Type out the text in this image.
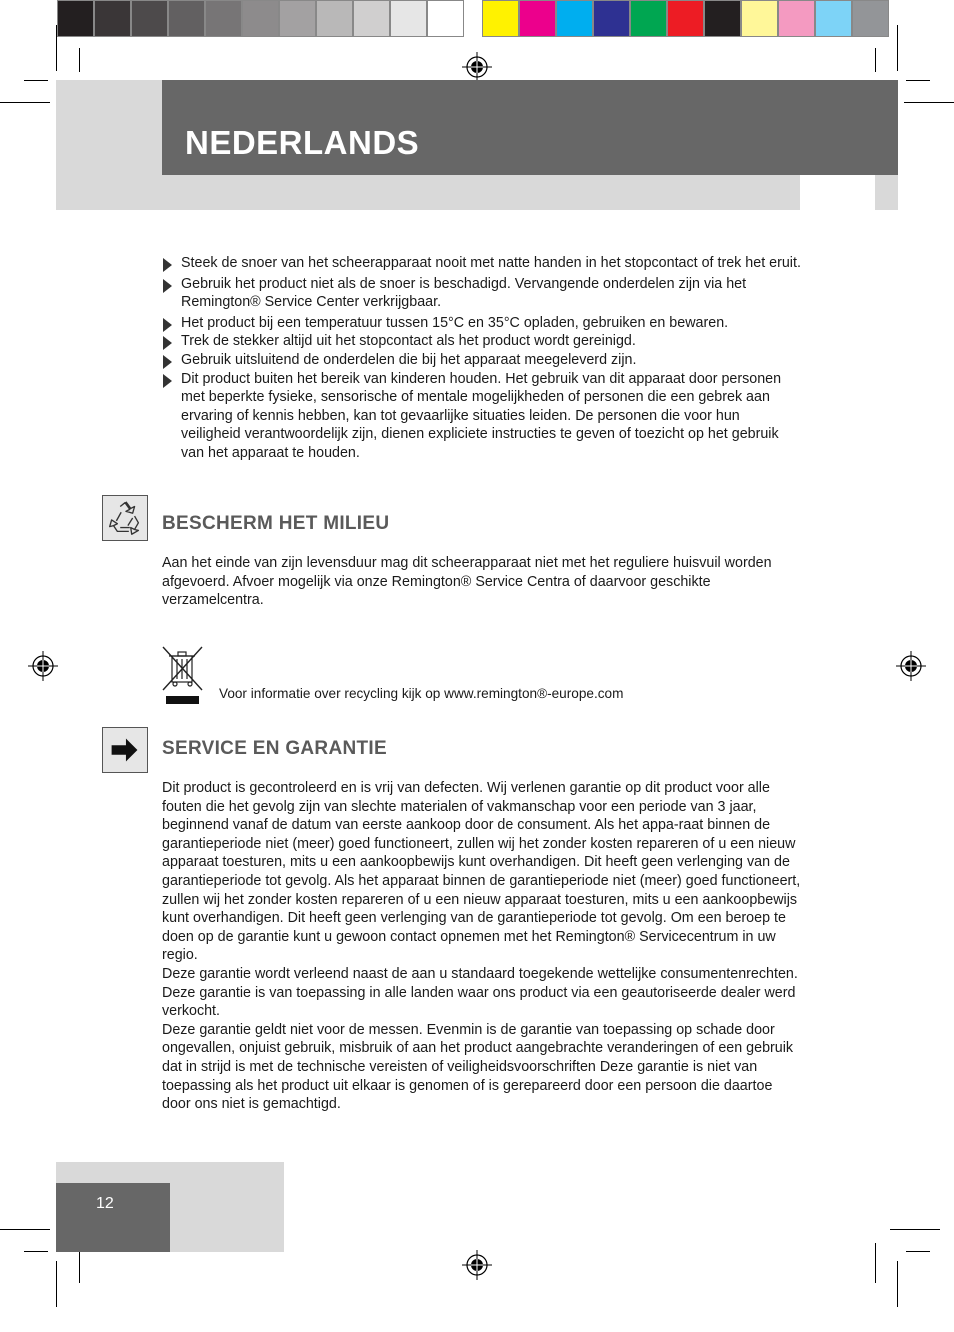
NEDERLANDS
Steek de snoer van het scheerapparaat nooit met natte handen in het stopcontact of trek het eruit.
Gebruik het product niet als de snoer is beschadigd. Vervangende onderdelen zijn via het Remington® Service Center verkrijgbaar.
Het product bij een temperatuur tussen 15°C en 35°C opladen, gebruiken en bewaren.
Trek de stekker altijd uit het stopcontact als het product wordt gereinigd.
Gebruik uitsluitend de onderdelen die bij het apparaat meegeleverd zijn.
Dit product buiten het bereik van kinderen houden. Het gebruik van dit apparaat door personen met beperkte fysieke, sensorische of mentale mogelijkheden of personen die een gebrek aan ervaring of kennis hebben, kan tot gevaarlijke situaties leiden. De personen die voor hun veiligheid verantwoordelijk zijn, dienen expliciete instructies te geven of toezicht op het gebruik van het apparaat te houden.
BESCHERM HET MILIEU
Aan het einde van zijn levensduur mag dit scheerapparaat niet met het reguliere huisvuil worden afgevoerd. Afvoer mogelijk via onze Remington® Service Centra of daarvoor geschikte verzamelcentra.
Voor informatie over recycling kijk op www.remington®-europe.com
SERVICE EN GARANTIE
Dit product is gecontroleerd en is vrij van defecten. Wij verlenen garantie op dit product voor alle fouten die het gevolg zijn van slechte materialen of vakmanschap voor een periode van 3 jaar, beginnend vanaf de datum van eerste aankoop door de consument. Als het appa-raat binnen de garantieperiode niet (meer) goed functioneert, zullen wij het zonder kosten repareren of u een nieuw apparaat toesturen, mits u een aankoopbewijs kunt overhandigen. Dit heeft geen verlenging van de garantieperiode tot gevolg. Als het apparaat binnen de garantieperiode niet (meer) goed functioneert, zullen wij het zonder kosten repareren of u een nieuw apparaat toesturen, mits u een aankoopbewijs kunt overhandigen. Dit heeft geen verlenging van de garantieperiode tot gevolg. Om een beroep te doen op de garantie kunt u gewoon contact opnemen met het Remington® Servicecentrum in uw regio.
Deze garantie wordt verleend naast de aan u standaard toegekende wettelijke consumentenrechten.
Deze garantie is van toepassing in alle landen waar ons product via een geautoriseerde dealer werd verkocht.
Deze garantie geldt niet voor de messen. Evenmin is de garantie van toepassing op schade door ongevallen, onjuist gebruik, misbruik of aan het product aangebrachte veranderingen of een gebruik dat in strijd is met de technische vereisten of veiligheidsvoorschriften Deze garantie is niet van toepassing als het product uit elkaar is genomen of is gerepareerd door een persoon die daartoe door ons niet is gemachtigd.
12
